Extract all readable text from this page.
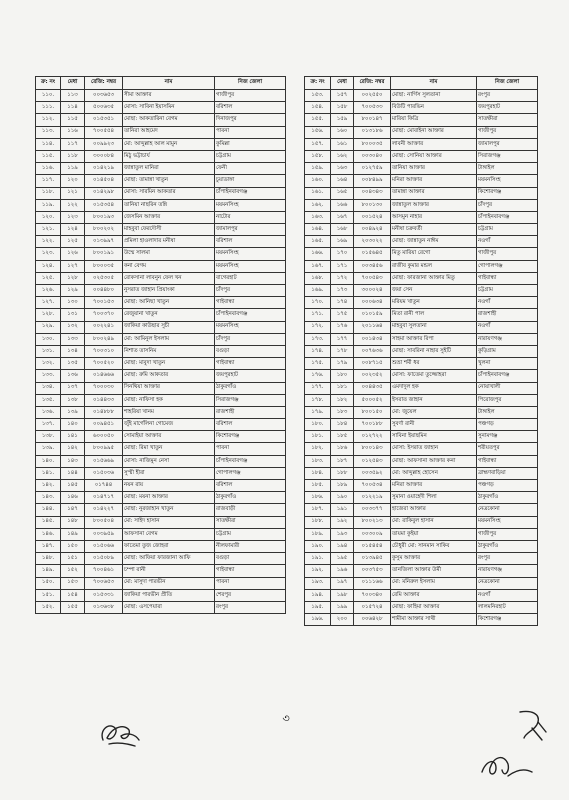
ক্র: নং	মেধা	রেজি: নম্বর	নাম	নিজ জেলা
১১০.	১১৩	০০৩৬৫৩	সীমা আক্তার	গাজীপুর
১১১.	১১৪	৫০০৬৩৫	মোসা: সাবিনা ইয়াসমিন	বরিশাল
১১২.	১১৫	০১৫৩৫১	মোছা: আকতারিনা বেগম	দিনাজপুর
১১৩.	১১৬	৭০০৫৫৪	তানিরা আহমেদ	পাবনা
১১৪.	১১৭	০০৯৯২৩	মো: আব্দুল্লাহ আল মামুন	কুমিল্লা
১১৫.	১১৮	৩০০০৮৪	মিঠু ভট্টাচার্য	চট্টগ্রাম
১১৬.	১১৯	০১৪২১৯	জান্নাতুল মানিরা	ফেনী
১১৭.	১২০	০১৪৫০৪	মোছা: তামান্না খাতুন	চুয়াডাঙ্গা
১১৮.	১২১	০১৪২৯৮	মোসা: সারমিন আকতার	চাঁপাইনবাবগঞ্জ
১১৯.	১২২	০১৫৩৫৪	তানিয়া নাছরিন তন্নি	ময়মনসিংহ
১২০.	১২৩	৮০০১৯৩	জেসমিন আক্তার	নাটোর
১২১.	১২৪	৮০০২০২	মাহবুবা ফেরদৌসী	জামালপুর
১২২.	১২৫	০১৩৯৯৭	প্রমিলা হাওলাদার মনীষা	বরিশাল
১২৩.	১২৬	৮০০১৯১	উম্মে সালমা	ময়মনসিংহ
১২৪.	১২৭	৮০০০৩৫	কনা বেগম	ময়মনসিংহ
১২৫.	১২৮	০২৫৩০৫	রোকসানা লাবনুন ফেল খন	বাগেরহাট
১২৬.	১২৯	০০৪৪৮০	নুসরাত জাহান প্রিয়াংকা	চাঁদপুর
১২৭.	১৩০	৭০০১৫৩	মোছা: আনিছা খাতুন	গাইবান্ধা
১২৮.	১৩১	৭০০৩৭০	রেজুয়ানা খাতুন	চাঁপাইনবাবগঞ্জ
১২৯.	১৩২	০০২২৪১	জাকিয়া কাউছার সুচী	ময়মনসিংহ
১৩০.	১৩৩	৮০০২৪৯	মো: আমিনুল ইসলাম	চাঁদপুর
১৩১.	১৩৪	৭০০৩১০	নিশাত তাসনিম	বগুড়া
১৩২.	১৩৫	৭০০৫২০	মোছা: মাবুদা খাতুন	গাইবান্ধা
১৩৩.	১৩৬	০১৪৬৬৬	মোছা: রুমি আকতার	জয়পুরহাট
১৩৪.	১৩৭	৭০০০৩০	সিনথিয়া আক্তার	ঠাকুরগাঁও
১৩৫.	১৩৮	০১৪৪৩৩	মোছা: নাফিসা হক	সিরাজগঞ্জ
১৩৬.	১৩৯	০১৪৮৮৮	শাহরিয়া খানম	রাজশাহী
১৩৭.	১৪০	০০৯৪৫১	জুঁই মার্গেলিনা গোমেজ	বরিশাল
১৩৮.	১৪১	৬০০০৫০	সোমাইয়া আক্তার	কিশোরগঞ্জ
১৩৯.	১৪২	৮০০৯৯৫	মোছা: রিমা খাতুন	পাবনা
১৪০.	১৪৩	০১৫৬৬৯	মোসা: নাজিমুন নেসা	চাঁপাইনবাবগঞ্জ
১৪১.	১৪৪	০১৫০৩৬	সুস্মী হীরা	গোপালগঞ্জ
১৪২.	১৪৫	০১৭৪৪	নয়ন রায়	বরিশাল
১৪৩.	১৪৬	০১৪৭১৭	মোছা: ময়না আক্তার	ঠাকুরগাঁও
১৪৪.	১৪৭	০১৪২২৭	মোছা: নুরজাহান খাতুন	রাজবাড়ী
১৪৫.	১৪৮	৮০০৫০৪	মো: সাইদ হাসান	সাতক্ষীরা
১৪৬.	১৪৯	০০৩৯৫৯	আফসানা বেগম	চট্টগ্রাম
১৪৭.	১৫০	০১৫০৬৬	ফাতেমা তুজ জোহরা	নীলফামারী
১৪৮.	১৫১	০১৫০৮৯	মোছা: আফিয়া ফারজানা আফি	বগুড়া
১৪৯.	১৫২	৭০০৪৬১	চম্পা রানী	গাইবান্ধা
১৫০.	১৫৩	৭০০৬৫৩	মো: মাসুদা পারভীন	পাবনা
১৫১.	১৫৪	০১৫৩৩১	জাকিয়া পারভীন প্রীতি	শেরপুর
১৫২.	১৫৫	০১৩৬৩৮	মোছা: এসপেয়ারা	রংপুর
ক্র: নং	মেধা	রেজি: নম্বর	নাম	নিজ জেলা
১৫৩.	১৫৭	০০২৫৫০	মোছা: নার্গিস সুলতানা	রংপুর
১৫৪.	১৫৮	৭০০৫৩৩	বিউটি পারভিন	জয়পুরহাট
১৫৫.	১৫৯	৮০০১৪৭	মারিয়া কিব্রি	সাতক্ষীরা
১৫৬.	১৬০	০১৩১৮৬	মোছা: মোবাইনা আক্তার	গাজীপুর
১৫৭.	১৬১	৮০০০৩৫	লাবনী আক্তার	জামালপুর
১৫৮.	১৬২	০০৩০৪০	মোছা: সোনিয়া আক্তার	সিরাজগঞ্জ
১৫৯.	১৬৩	০১২৭৫৯	তানিয়া আক্তার	টাঙ্গাইল
১৬০.	১৬৪	০০৮৪৯৯	মনিরা আক্তার	ময়মনসিংহ
১৬১.	১৬৫	০০৪৩৪৩	তামান্না আক্তার	কিশোরগঞ্জ
১৬২.	১৬৬	৮০০১৩০	জান্নাতুল আক্তার	চাঁদপুর
১৬৩.	১৬৭	০০১৫২৪	আসমুন নাহার	চাঁপাইনবাবগঞ্জ
১৬৪.	১৬৮	০০৪৯২৪	মনীষা চক্রবর্তী	চট্টগ্রাম
১৬৫.	১৬৯	২০৩০২২	মোছা: জান্নাতুন নাঈম	নওগাঁ
১৬৬.	১৭০	০১৫৬৪৫	মিতু মারিয়া রেগো	গাজীপুর
১৬৭.	১৭১	০০৩৪৫৬	রাজীব কুমার মন্ডল	গোপালগঞ্জ
১৬৮.	১৭২	৭০০৫৪৩	মোছা: ফারজানা আক্তার মিতু	গাইবান্ধা
১৬৯.	১৭৩	৩০০০২৪	জয়া সেন	চট্টগ্রাম
১৭০.	১৭৪	০০০৬৩৪	মরিয়ম খাতুন	নওগাঁ
১৭১.	১৭৫	০১০১৫৯	মিতা রানী পাল	রাজশাহী
১৭২.	১৭৬	২০১১৬৪	মাহবুবা সুলতানা	নওগাঁ
১৭৩.	১৭৭	০০১৪৩৪	সাহমা আক্তার রিপা	নারায়ণগঞ্জ
১৭৪.	১৭৮	০০৭৬৩৬	মোছা: সাবরিনা নাহার সুইটি	কুড়িগ্রাম
১৭৫.	১৭৯	০০৮৭১৫	শুভ্রা শর্মী ধর	খুলনা
১৭৬.	১৮০	০০২৩৫২	মোসা: ফাতেমা তুজ্জোহরা	চাঁপাইনবাবগঞ্জ
১৭৭.	১৮১	০০৪৪৩৫	এমদাদুল হক	নোয়াখালী
১৭৮.	১৮২	৫০০০৫২	ইসরাত জাহান	পিরোজপুর
১৭৯.	১৮৩	৮০০১৫০	মো: জুয়েল	টাঙ্গাইল
১৮০.	১৮৪	৭০০১৮৮	সুবর্ণা রানী	পঞ্চগড়
১৮১.	১৮৫	০১২৭২২	সাবিনা ইয়াছমিন	সুনামগঞ্জ
১৮২.	১৮৬	৮০০১৪৩	মোসা: ইসরাত জাহান	শরীয়তপুর
১৮৩.	১৮৭	০১২৫৪৩	মোছা: আফসানা আক্তার কনা	গাইবান্ধা
১৮৪.	১৮৮	০০৩৫৯২	মো: আব্দুল্লাহ হোসেন	ব্রাহ্মণবাড়িয়া
১৮৫.	১৮৯	৭০০৫৩৪	মনিরা আক্তার	পঞ্চগড়
১৮৬.	১৯০	০১২২১৯	সুমানা ওয়াহেদী শিলা	ঠাকুরগাঁও
১৮৭.	১৯১	০০৩৩৭৭	হাজেরা আক্তার	নেত্রকোনা
১৮৮.	১৯২	৮০০২১৩	মো: রাকিবুল হাসান	ময়মনসিংহ
১৮৯.	১৯৩	০০৩০০৯	তায়মা কুইয়া	গাজীপুর
১৯০.	১৯৪	০১৫৪৫৪	চৌধুরী মো: সানমান সাকিব	ঠাকুরগাঁও
১৯১.	১৯৫	০১৩৯৪৫	কুসুম আক্তার	রংপুর
১৯২.	১৯৬	০০৩৭৫৩	তানজিলা আক্তার উর্মী	নারায়ণগঞ্জ
১৯৩.	১৯৭	০১১১৬৬	মো: মনিরুল ইসলাম	নেত্রকোনা
১৯৪.	১৯৮	৭০০৩৪০	রেমি আক্তার	নওগাঁ
১৯৫.	১৯৯	০১৫৭২৪	মোছা: ফাহিমা আক্তার	লালমনিরহাট
১৯৬.	২০০	০০৬৪২৮	শামীমা আক্তার সাথী	কিশোরগঞ্জ
৩
